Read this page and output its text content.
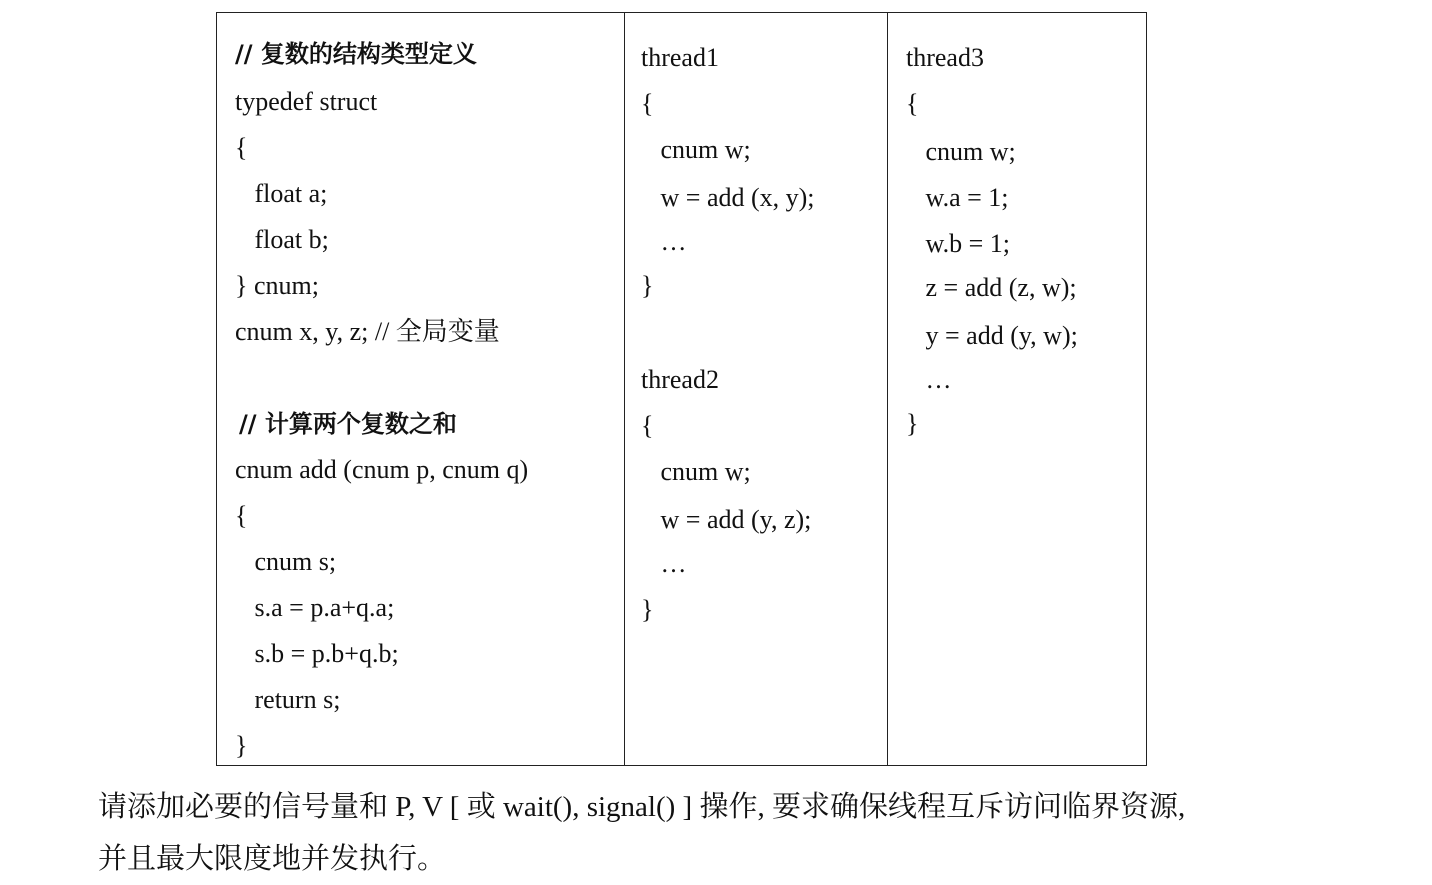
// 复数的结构类型定义
typedef struct
{
float a;
float b;
} cnum;
cnum x, y, z; // 全局变量
// 计算两个复数之和
cnum add (cnum p, cnum q)
{
cnum s;
s.a = p.a+q.a;
s.b = p.b+q.b;
return s;
}
thread1
{
cnum w;
w = add (x, y);
…
}
thread2
{
cnum w;
w = add (y, z);
…
}
thread3
{
cnum w;
w.a = 1;
w.b = 1;
z = add (z, w);
y = add (y, w);
…
}
请添加必要的信号量和 P, V [ 或 wait(), signal() ] 操作, 要求确保线程互斥访问临界资源,
并且最大限度地并发执行。
